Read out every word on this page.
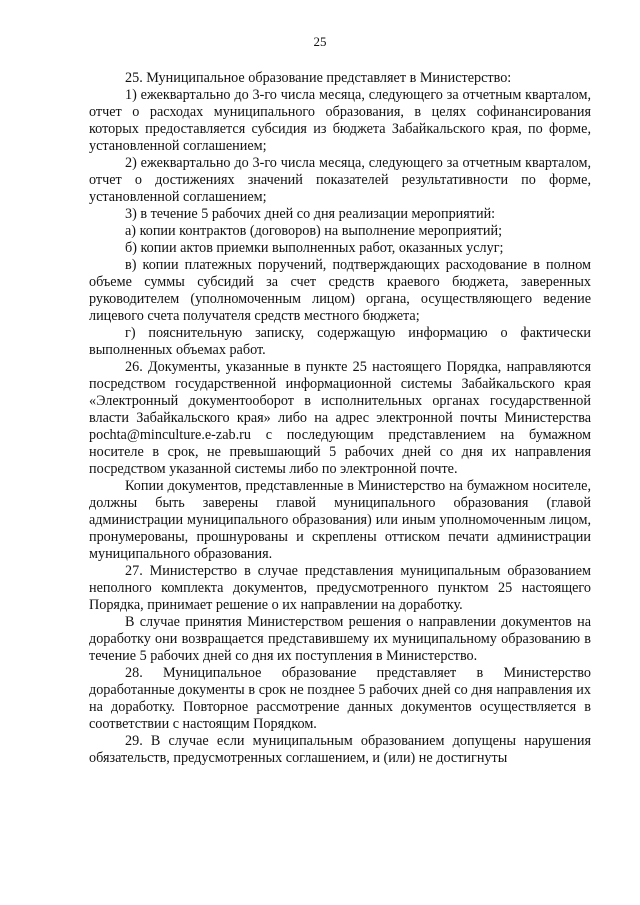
25

25. Муниципальное образование представляет в Министерство:

1) ежеквартально до 3-го числа месяца, следующего за отчетным кварталом, отчет о расходах муниципального образования, в целях софинансирования которых предоставляется субсидия из бюджета Забайкальского края, по форме, установленной соглашением;

2) ежеквартально до 3-го числа месяца, следующего за отчетным кварталом, отчет о достижениях значений показателей результативности по форме, установленной соглашением;

3) в течение 5 рабочих дней со дня реализации мероприятий:

а) копии контрактов (договоров) на выполнение мероприятий;

б) копии актов приемки выполненных работ, оказанных услуг;

в) копии платежных поручений, подтверждающих расходование в полном объеме суммы субсидий за счет средств краевого бюджета, заверенных руководителем (уполномоченным лицом) органа, осуществляющего ведение лицевого счета получателя средств местного бюджета;

г) пояснительную записку, содержащую информацию о фактически выполненных объемах работ.

26. Документы, указанные в пункте 25 настоящего Порядка, направляются посредством государственной информационной системы Забайкальского края «Электронный документооборот в исполнительных органах государственной власти Забайкальского края» либо на адрес электронной почты Министерства pochta@minculture.e-zab.ru с последующим представлением на бумажном носителе в срок, не превышающий 5 рабочих дней со дня их направления посредством указанной системы либо по электронной почте.

Копии документов, представленные в Министерство на бумажном носителе, должны быть заверены главой муниципального образования (главой администрации муниципального образования) или иным уполномоченным лицом, пронумерованы, прошнурованы и скреплены оттиском печати администрации муниципального образования.

27. Министерство в случае представления муниципальным образованием неполного комплекта документов, предусмотренного пунктом 25 настоящего Порядка, принимает решение о их направлении на доработку.

В случае принятия Министерством решения о направлении документов на доработку они возвращается представившему их муниципальному образованию в течение 5 рабочих дней со дня их поступления в Министерство.

28. Муниципальное образование представляет в Министерство доработанные документы в срок не позднее 5 рабочих дней со дня направления их на доработку. Повторное рассмотрение данных документов осуществляется в соответствии с настоящим Порядком.

29. В случае если муниципальным образованием допущены нарушения обязательств, предусмотренных соглашением, и (или) не достигнуты
